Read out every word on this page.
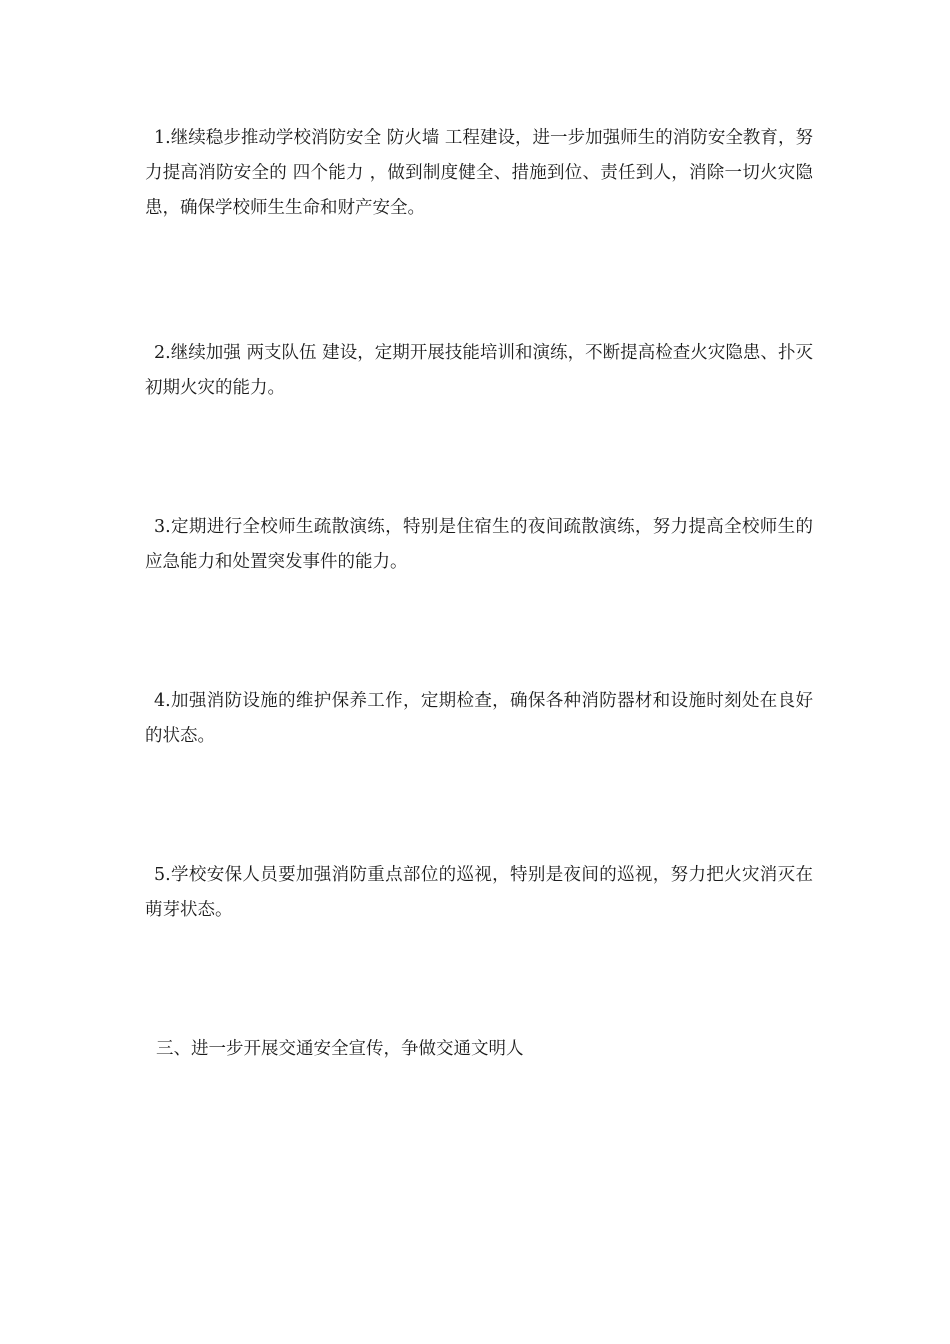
1.继续稳步推动学校消防安全 防火墙 工程建设，进一步加强师生的消防安全教育，努力提高消防安全的 四个能力 ，做到制度健全、措施到位、责任到人，消除一切火灾隐患，确保学校师生生命和财产安全。

2.继续加强 两支队伍 建设，定期开展技能培训和演练，不断提高检查火灾隐患、扑灭初期火灾的能力。

3.定期进行全校师生疏散演练，特别是住宿生的夜间疏散演练，努力提高全校师生的应急能力和处置突发事件的能力。

4.加强消防设施的维护保养工作，定期检查，确保各种消防器材和设施时刻处在良好的状态。

5.学校安保人员要加强消防重点部位的巡视，特别是夜间的巡视，努力把火灾消灭在萌芽状态。

三、进一步开展交通安全宣传，争做交通文明人
